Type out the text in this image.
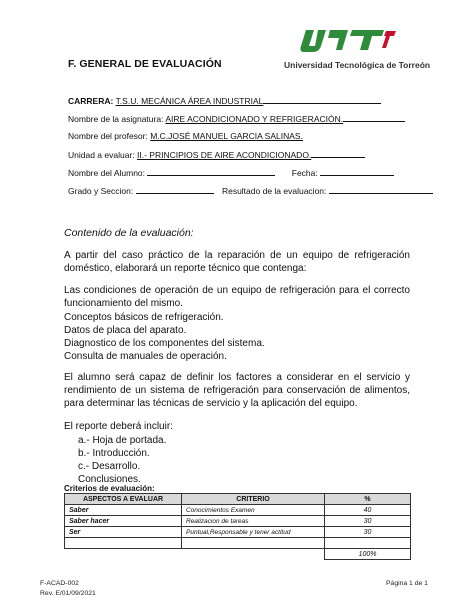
F. GENERAL DE EVALUACIÓN	Universidad Tecnológica de Torreón
CARRERA: T.S.U. MECÁNICA ÁREA INDUSTRIAL
Nombre de la asignatura: AIRE ACONDICIONADO Y REFRIGERACIÓN.
Nombre del profesor: M.C.JOSÉ MANUEL GARCIA SALINAS.
Unidad a evaluar: II.- PRINCIPIOS DE AIRE ACONDICIONADO.
Nombre del Alumno:	Fecha:
Grado y Seccion:	Resultado de la evaluacion:
Contenido de la evaluación:
A partir del caso práctico de la reparación de un equipo de refrigeración doméstico, elaborará un reporte técnico que contenga:
Las condiciones de operación de un equipo de refrigeración para el correcto funcionamiento del mismo.
Conceptos básicos de refrigeración.
Datos de placa del aparato.
Diagnostico de los componentes del sistema.
Consulta de manuales de operación.
El alumno será capaz de definir los factores a considerar en el servicio y rendimiento de un sistema de refrigeración para conservación de alimentos, para determinar las técnicas de servicio y la aplicación del equipo.
El reporte deberá incluir:
a.- Hoja de portada.
b.- Introducción.
c.- Desarrollo.
Conclusiones.
Criterios de evaluación:
ASPECTOS A EVALUAR	CRITERIO	%
Saber	Conocimientos Examen	40
Saber hacer	Realizacion de tareas	30
Ser	Puntual,Responsable y tener actitud	30

		100%
F-ACAD-002
Rev. E/01/09/2021
Página 1 de 1
